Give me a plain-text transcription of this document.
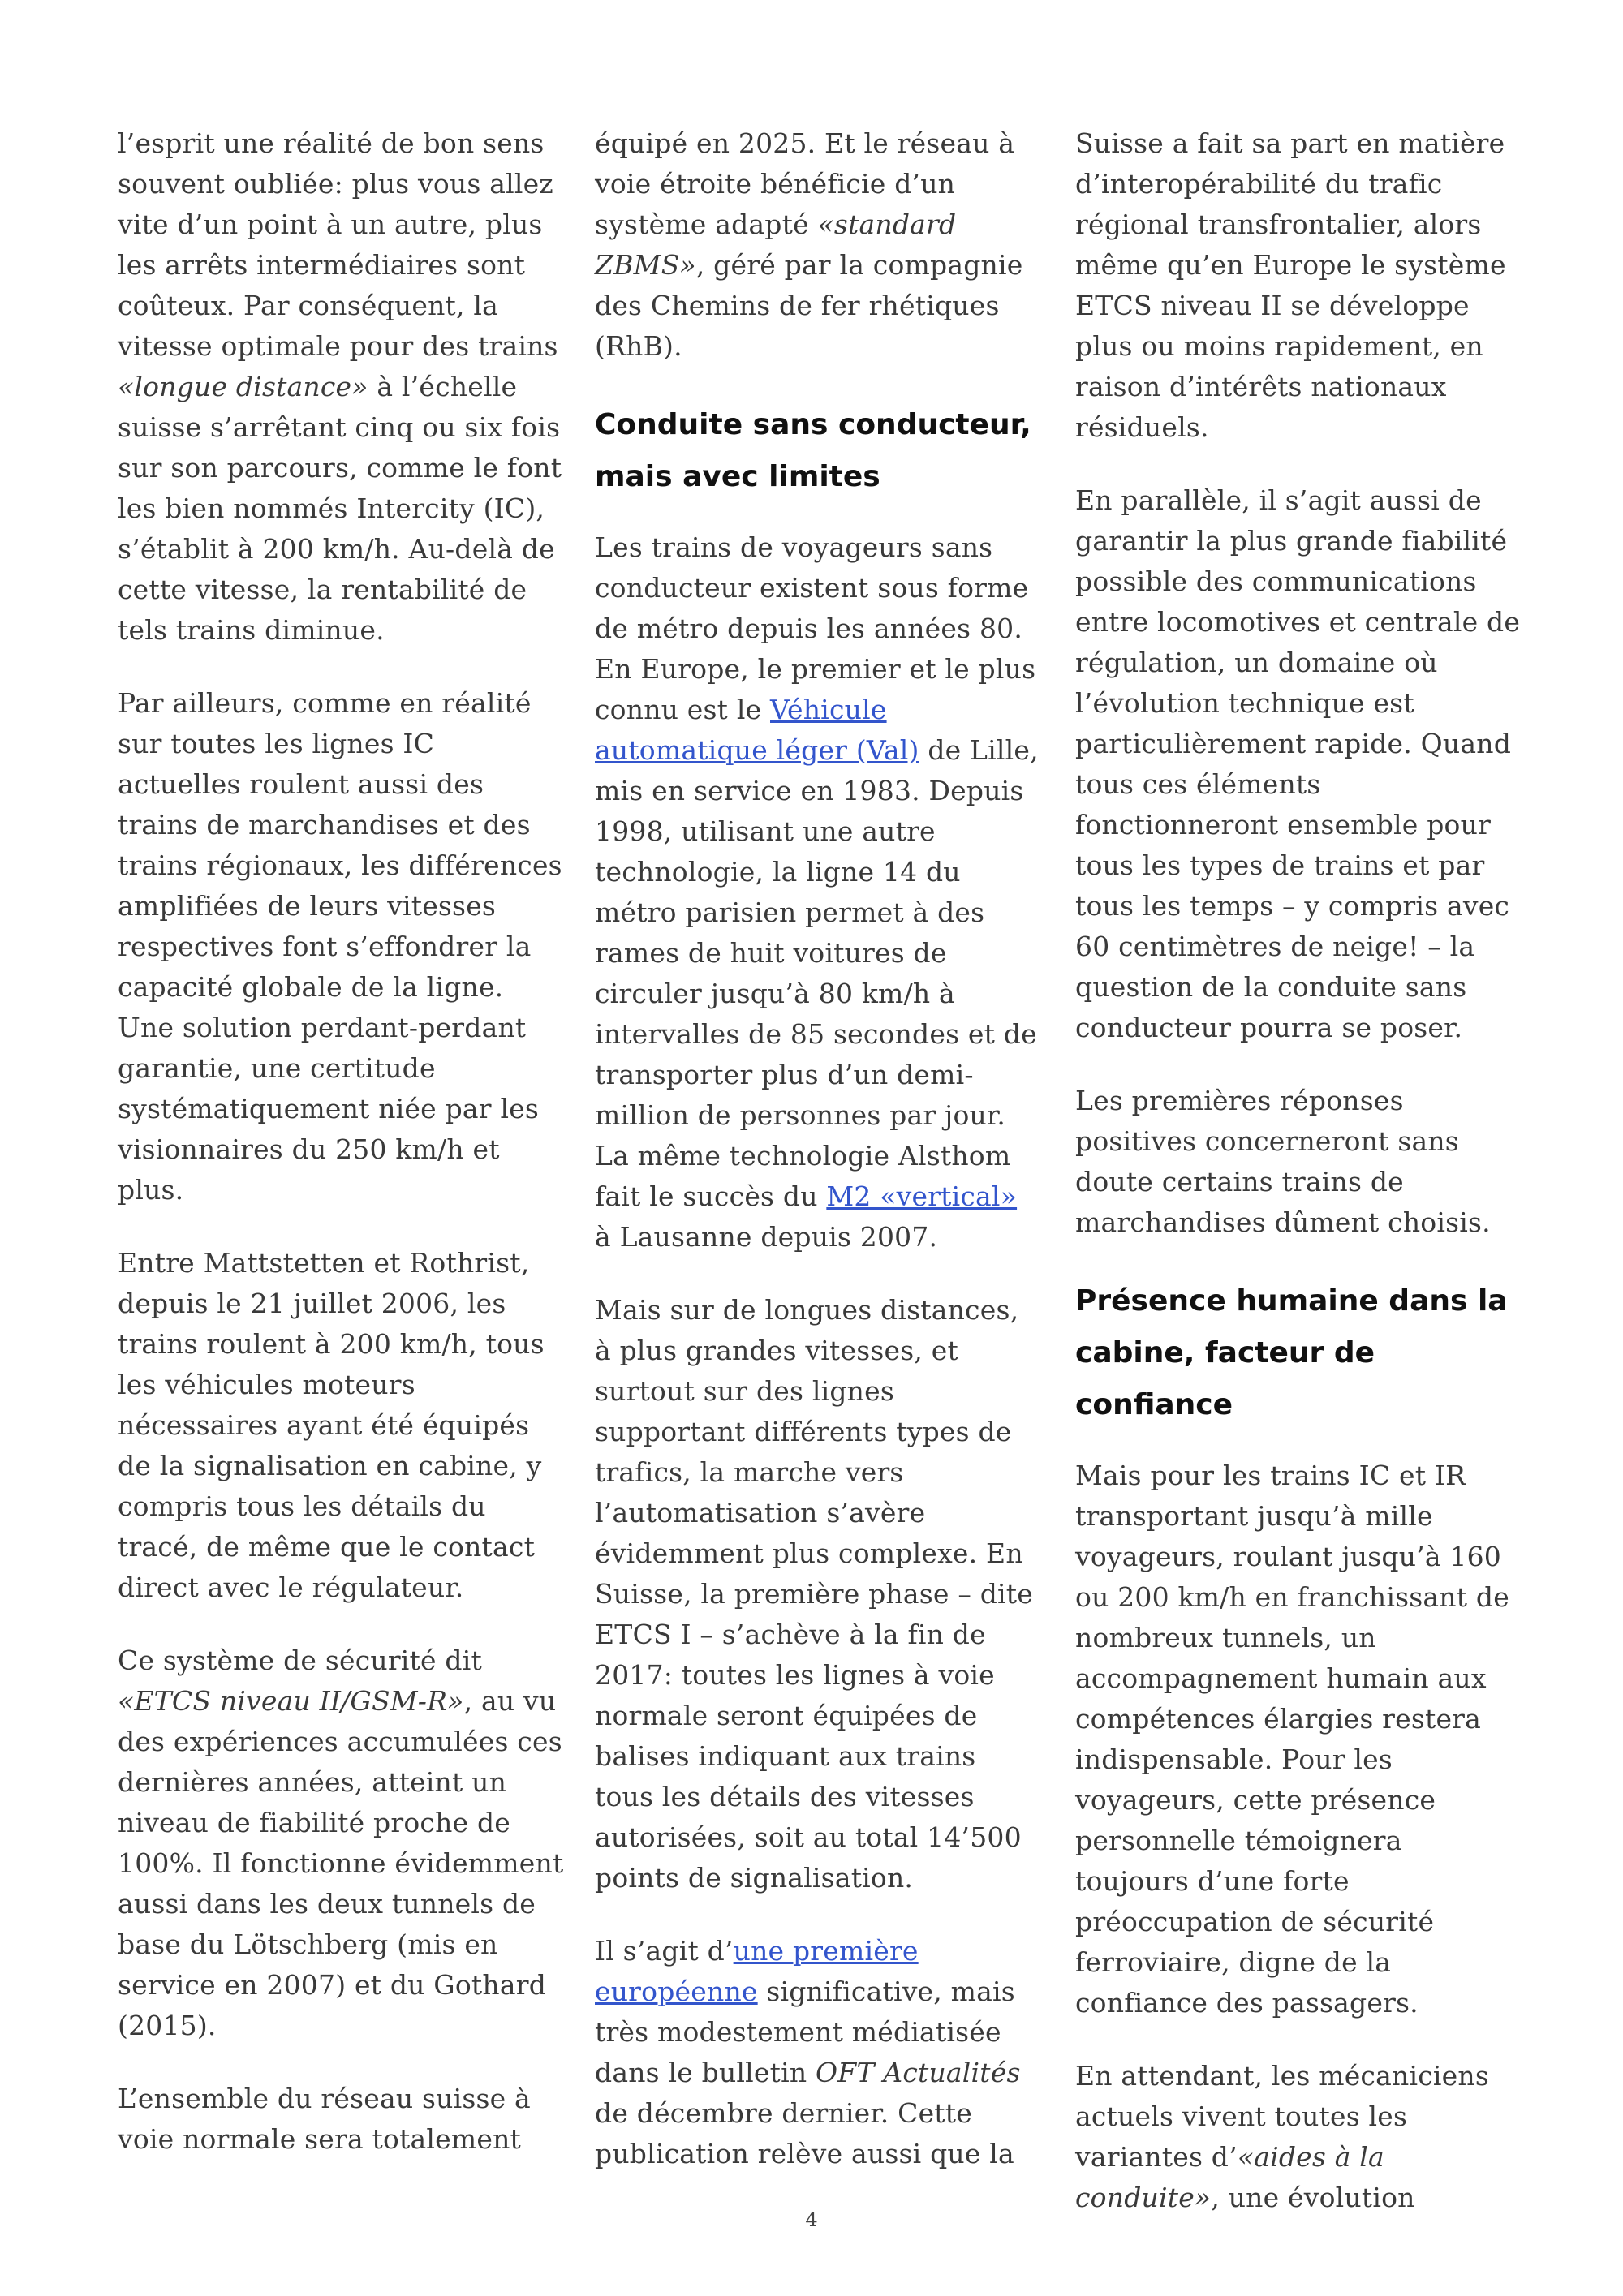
l’esprit une réalité de bon sens souvent oubliée: plus vous allez vite d’un point à un autre, plus les arrêts intermédiaires sont coûteux. Par conséquent, la vitesse optimale pour des trains «longue distance» à l’échelle suisse s’arrêtant cinq ou six fois sur son parcours, comme le font les bien nommés Intercity (IC), s’établit à 200 km/h. Au-delà de cette vitesse, la rentabilité de tels trains diminue.

Par ailleurs, comme en réalité sur toutes les lignes IC actuelles roulent aussi des trains de marchandises et des trains régionaux, les différences amplifiées de leurs vitesses respectives font s’effondrer la capacité globale de la ligne. Une solution perdant-perdant garantie, une certitude systématiquement niée par les visionnaires du 250 km/h et plus.

Entre Mattstetten et Rothrist, depuis le 21 juillet 2006, les trains roulent à 200 km/h, tous les véhicules moteurs nécessaires ayant été équipés de la signalisation en cabine, y compris tous les détails du tracé, de même que le contact direct avec le régulateur.

Ce système de sécurité dit «ETCS niveau II/GSM-R», au vu des expériences accumulées ces dernières années, atteint un niveau de fiabilité proche de 100%. Il fonctionne évidemment aussi dans les deux tunnels de base du Lötschberg (mis en service en 2007) et du Gothard (2015).

L’ensemble du réseau suisse à voie normale sera totalement

équipé en 2025. Et le réseau à voie étroite bénéficie d’un système adapté «standard ZBMS», géré par la compagnie des Chemins de fer rhétiques (RhB).

Conduite sans conducteur, mais avec limites

Les trains de voyageurs sans conducteur existent sous forme de métro depuis les années 80. En Europe, le premier et le plus connu est le Véhicule automatique léger (Val) de Lille, mis en service en 1983. Depuis 1998, utilisant une autre technologie, la ligne 14 du métro parisien permet à des rames de huit voitures de circuler jusqu’à 80 km/h à intervalles de 85 secondes et de transporter plus d’un demi-million de personnes par jour. La même technologie Alsthom fait le succès du M2 «vertical» à Lausanne depuis 2007.

Mais sur de longues distances, à plus grandes vitesses, et surtout sur des lignes supportant différents types de trafics, la marche vers l’automatisation s’avère évidemment plus complexe. En Suisse, la première phase – dite ETCS I – s’achève à la fin de 2017: toutes les lignes à voie normale seront équipées de balises indiquant aux trains tous les détails des vitesses autorisées, soit au total 14’500 points de signalisation.

Il s’agit d’une première européenne significative, mais très modestement médiatisée dans le bulletin OFT Actualités de décembre dernier. Cette publication relève aussi que la

Suisse a fait sa part en matière d’interopérabilité du trafic régional transfrontalier, alors même qu’en Europe le système ETCS niveau II se développe plus ou moins rapidement, en raison d’intérêts nationaux résiduels.

En parallèle, il s’agit aussi de garantir la plus grande fiabilité possible des communications entre locomotives et centrale de régulation, un domaine où l’évolution technique est particulièrement rapide. Quand tous ces éléments fonctionneront ensemble pour tous les types de trains et par tous les temps – y compris avec 60 centimètres de neige! – la question de la conduite sans conducteur pourra se poser.

Les premières réponses positives concerneront sans doute certains trains de marchandises dûment choisis.

Présence humaine dans la cabine, facteur de confiance

Mais pour les trains IC et IR transportant jusqu’à mille voyageurs, roulant jusqu’à 160 ou 200 km/h en franchissant de nombreux tunnels, un accompagnement humain aux compétences élargies restera indispensable. Pour les voyageurs, cette présence personnelle témoignera toujours d’une forte préoccupation de sécurité ferroviaire, digne de la confiance des passagers.

En attendant, les mécaniciens actuels vivent toutes les variantes d’«aides à la conduite», une évolution

4
